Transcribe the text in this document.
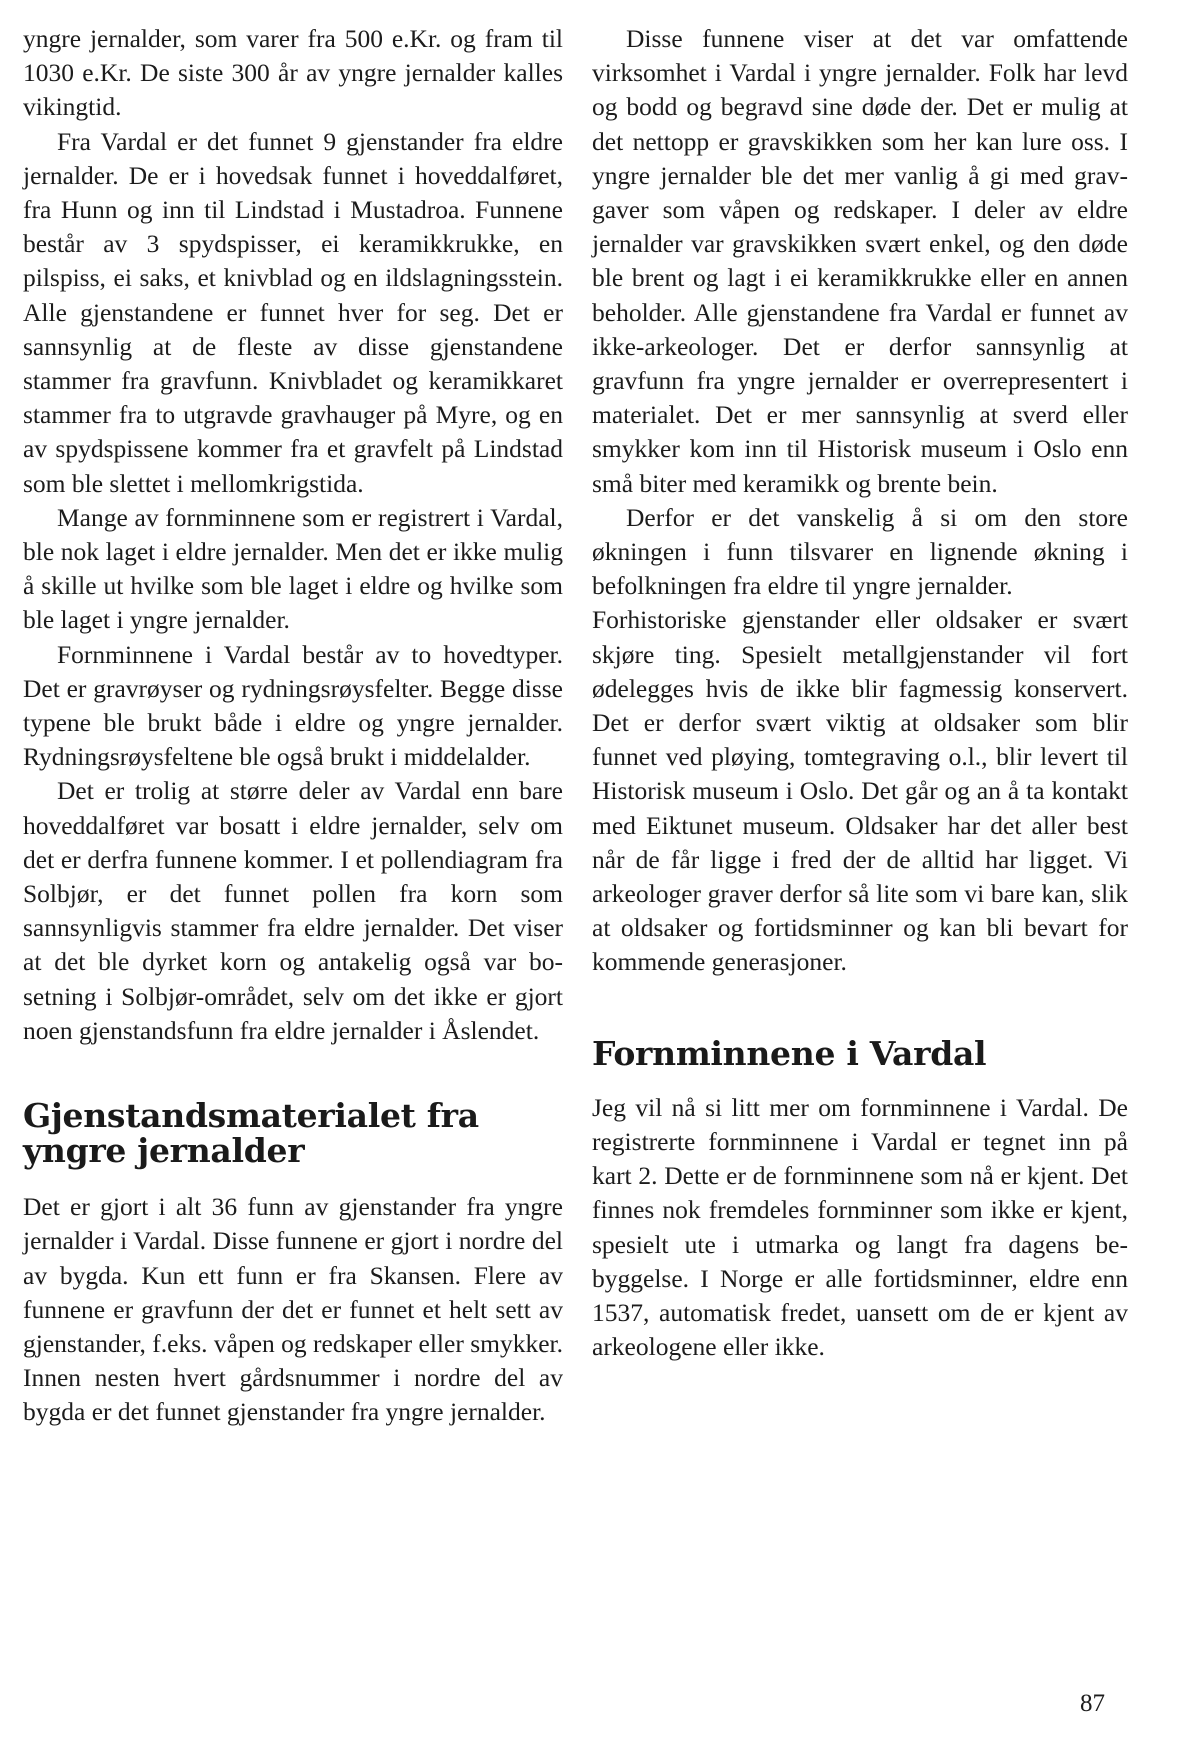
yngre jernalder, som varer fra 500 e.Kr. og fram til 1030 e.Kr. De siste 300 år av yngre jernalder kalles vikingtid.

Fra Vardal er det funnet 9 gjenstander fra eldre jernalder. De er i hovedsak funnet i hoveddalføret, fra Hunn og inn til Lindstad i Mustadroa. Funnene består av 3 spydspisser, ei keramikkrukke, en pilspiss, ei saks, et knivblad og en ildslagningsstein. Alle gjenstandene er funnet hver for seg. Det er sannsynlig at de fleste av disse gjenstandene stammer fra gravfunn. Knivbladet og keramikkaret stammer fra to utgravde gravhauger på Myre, og en av spydspissene kommer fra et gravfelt på Lindstad som ble slettet i mellomkrigstida.

Mange av fornminnene som er registrert i Vardal, ble nok laget i eldre jernalder. Men det er ikke mulig å skille ut hvilke som ble laget i eldre og hvilke som ble laget i yngre jernalder.

Fornminnene i Vardal består av to hovedtyper. Det er gravrøyser og rydningsrøysfelter. Begge disse typene ble brukt både i eldre og yngre jernalder. Rydningsrøysfeltene ble også brukt i middelalder.

Det er trolig at større deler av Vardal enn bare hoveddalføret var bosatt i eldre jernalder, selv om det er derfra funnene kommer. I et pollendiagram fra Solbjør, er det funnet pollen fra korn som sannsynligvis stammer fra eldre jernalder. Det viser at det ble dyrket korn og antakelig også var bosetning i Solbjør-området, selv om det ikke er gjort noen gjenstandsfunn fra eldre jernalder i Åslendet.

Gjenstandsmaterialet fra yngre jernalder

Det er gjort i alt 36 funn av gjenstander fra yngre jernalder i Vardal. Disse funnene er gjort i nordre del av bygda. Kun ett funn er fra Skansen. Flere av funnene er gravfunn der det er funnet et helt sett av gjenstander, f.eks. våpen og redskaper eller smykker. Innen nesten hvert gårdsnummer i nordre del av bygda er det funnet gjenstander fra yngre jernalder.

Disse funnene viser at det var omfattende virksomhet i Vardal i yngre jernalder. Folk har levd og bodd og begravd sine døde der. Det er mulig at det nettopp er gravskikken som her kan lure oss. I yngre jernalder ble det mer vanlig å gi med gravgaver som våpen og redskaper. I deler av eldre jernalder var gravskikken svært enkel, og den døde ble brent og lagt i ei keramikkrukke eller en annen beholder. Alle gjenstandene fra Vardal er funnet av ikke-arkeologer. Det er derfor sannsynlig at gravfunn fra yngre jernalder er overrepresentert i materialet. Det er mer sannsynlig at sverd eller smykker kom inn til Historisk museum i Oslo enn små biter med keramikk og brente bein.

Derfor er det vanskelig å si om den store økningen i funn tilsvarer en lignende økning i befolkningen fra eldre til yngre jernalder.

Forhistoriske gjenstander eller oldsaker er svært skjøre ting. Spesielt metallgjenstander vil fort ødelegges hvis de ikke blir fagmessig konservert. Det er derfor svært viktig at oldsaker som blir funnet ved pløying, tomtegraving o.l., blir levert til Historisk museum i Oslo. Det går og an å ta kontakt med Eiktunet museum. Oldsaker har det aller best når de får ligge i fred der de alltid har ligget. Vi arkeologer graver derfor så lite som vi bare kan, slik at oldsaker og fortidsminner og kan bli bevart for kommende generasjoner.

Fornminnene i Vardal

Jeg vil nå si litt mer om fornminnene i Vardal. De registrerte fornminnene i Vardal er tegnet inn på kart 2. Dette er de fornminnene som nå er kjent. Det finnes nok fremdeles fornminner som ikke er kjent, spesielt ute i utmarka og langt fra dagens bebyggelse. I Norge er alle fortidsminner, eldre enn 1537, automatisk fredet, uansett om de er kjent av arkeologene eller ikke.

87
